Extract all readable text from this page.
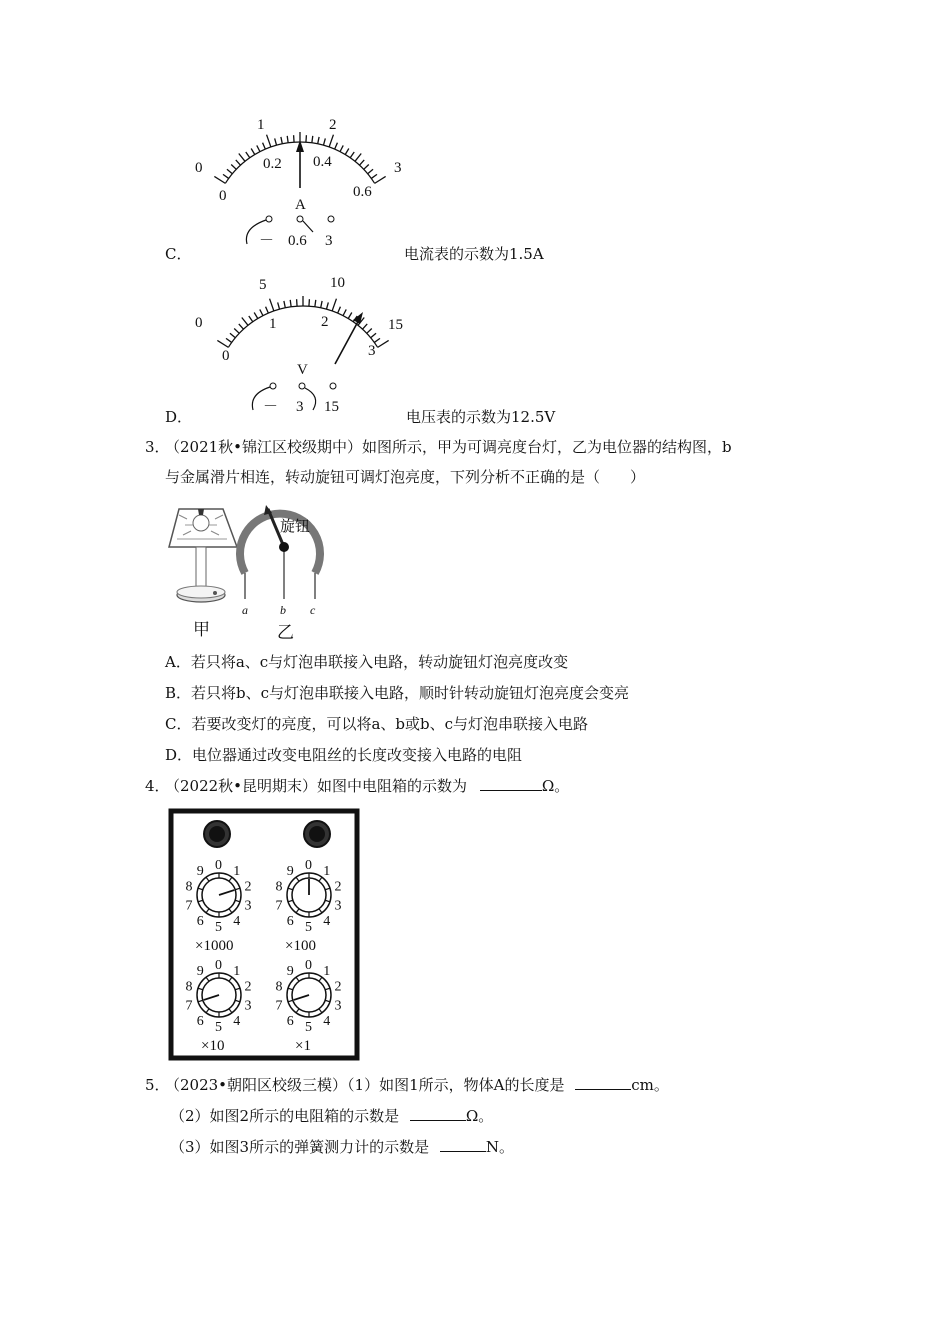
0
1	2
3
0
0.2 0.4
0.6
A
－ 0.6 3
C．	电流表的示数为1.5A
0
5	10
15
0
1	2
3
V
－ 3 15
D．	电压表的示数为12.5V
3．
（2021秋•锦江区校级期中）如图所示，甲为可调亮度台灯，乙为电位器的结构图，b
与金属滑片相连，转动旋钮可调灯泡亮度，下列分析不正确的是（　　）
甲
旋钮
a	b c
乙
A．若只将a、c与灯泡串联接入电路，转动旋钮灯泡亮度改变
B．若只将b、c与灯泡串联接入电路，顺时针转动旋钮灯泡亮度会变亮
C．若要改变灯的亮度，可以将a、b或b、c与灯泡串联接入电路
D．电位器通过改变电阻丝的长度改变接入电路的电阻
4．
（2022秋•昆明期末）如图中电阻箱的示数为	Ω。
0 1
2
3
4
5
6
7
8
9	0 1
2
3
4
5
6
7
8
9
0 1
2
3
4
5
6
7
8
9	0 1
2
3
4
5
6
7
8
9
×1000	×100
×10	×1
5．
（2023•朝阳区校级三模）（1）如图1所示，物体A的长度是	cm。
（2）如图2所示的电阻箱的示数是	Ω。
（3）如图3所示的弹簧测力计的示数是	N。
